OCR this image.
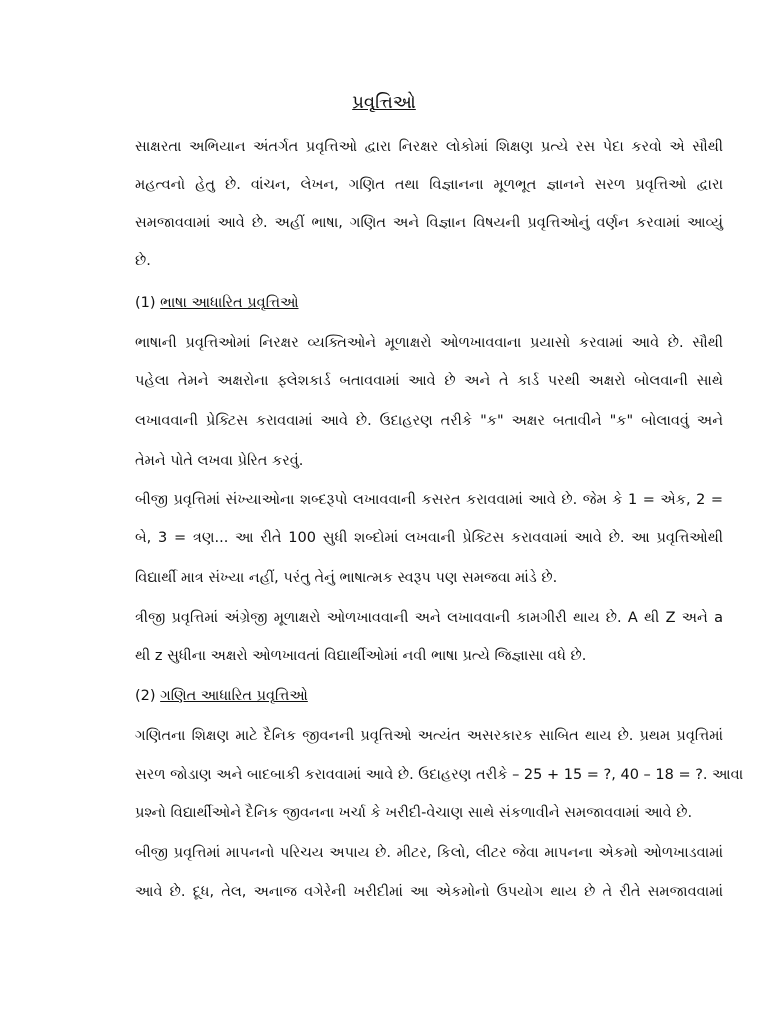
પ્રવૃત્તિઓ
સાક્ષરતા અભિયાન અંતર્ગત પ્રવૃત્તિઓ દ્વારા નિરક્ષર લોકોમાં શિક્ષણ પ્રત્યે રસ પેદા કરવો એ સૌથી
મહત્વનો હેતુ છે. વાંચન, લેખન, ગણિત તથા વિજ્ઞાનના મૂળભૂત જ્ઞાનને સરળ પ્રવૃત્તિઓ દ્વારા
સમજાવવામાં આવે છે. અહીં ભાષા, ગણિત અને વિજ્ઞાન વિષયની પ્રવૃત્તિઓનું વર્ણન કરવામાં આવ્યું
છે.
(1) ભાષા આધારિત પ્રવૃત્તિઓ
ભાષાની પ્રવૃત્તિઓમાં નિરક્ષર વ્યક્તિઓને મૂળાક્ષરો ઓળખાવવાના પ્રયાસો કરવામાં આવે છે. સૌથી
પહેલા તેમને અક્ષરોના ફ્લેશકાર્ડ બતાવવામાં આવે છે અને તે કાર્ડ પરથી અક્ષરો બોલવાની સાથે
લખાવવાની પ્રેક્ટિસ કરાવવામાં આવે છે. ઉદાહરણ તરીકે "ક" અક્ષર બતાવીને "ક" બોલાવવું અને
તેમને પોતે લખવા પ્રેરિત કરવું.
બીજી પ્રવૃત્તિમાં સંખ્યાઓના શબ્દરૂપો લખાવવાની કસરત કરાવવામાં આવે છે. જેમ કે 1 = એક, 2 =
બે, 3 = ત્રણ... આ રીતે 100 સુધી શબ્દોમાં લખવાની પ્રેક્ટિસ કરાવવામાં આવે છે. આ પ્રવૃત્તિઓથી
વિદ્યાર્થી માત્ર સંખ્યા નહીં, પરંતુ તેનું ભાષાત્મક સ્વરૂપ પણ સમજવા માંડે છે.
ત્રીજી પ્રવૃત્તિમાં અંગ્રેજી મૂળાક્ષરો ઓળખાવવાની અને લખાવવાની કામગીરી થાય છે. A થી Z અને a
થી z સુધીના અક્ષરો ઓળખાવતાં વિદ્યાર્થીઓમાં નવી ભાષા પ્રત્યે જિજ્ઞાસા વધે છે.
(2) ગણિત આધારિત પ્રવૃત્તિઓ
ગણિતના શિક્ષણ માટે દૈનિક જીવનની પ્રવૃત્તિઓ અત્યંત અસરકારક સાબિત થાય છે. પ્રથમ પ્રવૃત્તિમાં
સરળ જોડાણ અને બાદબાકી કરાવવામાં આવે છે. ઉદાહરણ તરીકે – 25 + 15 = ?, 40 – 18 = ?. આવા
પ્રશ્નો વિદ્યાર્થીઓને દૈનિક જીવનના ખર્ચા કે ખરીદી-વેચાણ સાથે સંકળાવીને સમજાવવામાં આવે છે.
બીજી પ્રવૃત્તિમાં માપનનો પરિચય અપાય છે. મીટર, કિલો, લીટર જેવા માપનના એકમો ઓળખાડવામાં
આવે છે. દૂધ, તેલ, અનાજ વગેરેની ખરીદીમાં આ એકમોનો ઉપયોગ થાય છે તે રીતે સમજાવવામાં
